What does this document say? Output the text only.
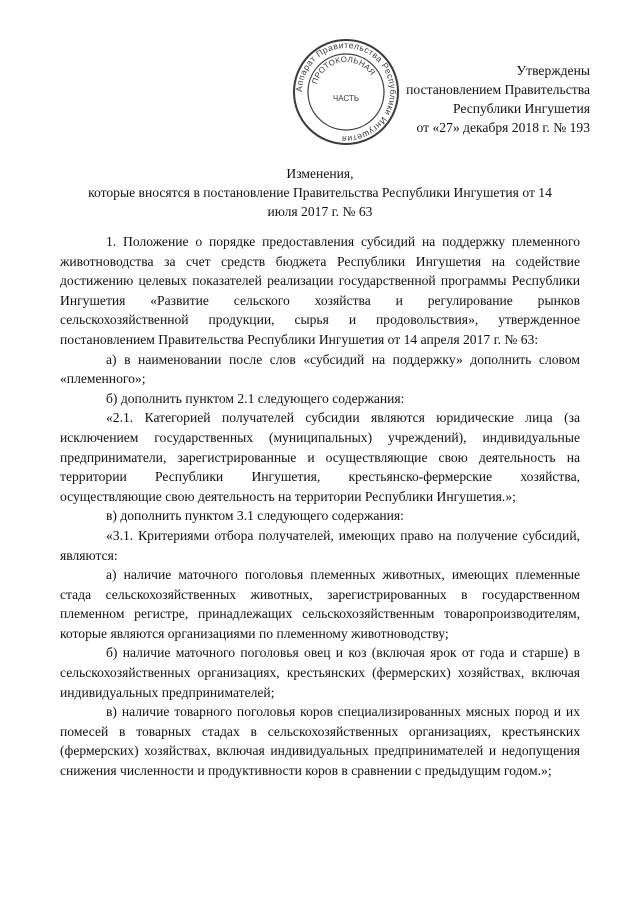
Утверждены
постановлением Правительства
Республики Ингушетия
от «27» декабря 2018 г. № 193
Аппарат Правительства Республики Ингушетия
ПРОТОКОЛЬНАЯ
ЧАСТЬ
Изменения,
которые вносятся в постановление Правительства Республики Ингушетия от 14
июля 2017 г. № 63

1. Положение о порядке предоставления субсидий на поддержку племенного животноводства за счет средств бюджета Республики Ингушетия на содействие достижению целевых показателей реализации государственной программы Республики Ингушетия «Развитие сельского хозяйства и регулирование рынков сельскохозяйственной продукции, сырья и продовольствия», утвержденное постановлением Правительства Республики Ингушетия от 14 апреля 2017 г. № 63:

а) в наименовании после слов «субсидий на поддержку» дополнить словом «племенного»;

б) дополнить пунктом 2.1 следующего содержания:

«2.1. Категорией получателей субсидии являются юридические лица (за исключением государственных (муниципальных) учреждений), индивидуальные предприниматели, зарегистрированные и осуществляющие свою деятельность на территории Республики Ингушетия, крестьянско-фермерские хозяйства, осуществляющие свою деятельность на территории Республики Ингушетия.»;

в) дополнить пунктом 3.1 следующего содержания:

«3.1. Критериями отбора получателей, имеющих право на получение субсидий, являются:

а) наличие маточного поголовья племенных животных, имеющих племенные стада сельскохозяйственных животных, зарегистрированных в государственном племенном регистре, принадлежащих сельскохозяйственным товаропроизводителям, которые являются организациями по племенному животноводству;

б) наличие маточного поголовья овец и коз (включая ярок от года и старше) в сельскохозяйственных организациях, крестьянских (фермерских) хозяйствах, включая индивидуальных предпринимателей;

в) наличие товарного поголовья коров специализированных мясных пород и их помесей в товарных стадах в сельскохозяйственных организациях, крестьянских (фермерских) хозяйствах, включая индивидуальных предпринимателей и недопущения снижения численности и продуктивности коров в сравнении с предыдущим годом.»;
